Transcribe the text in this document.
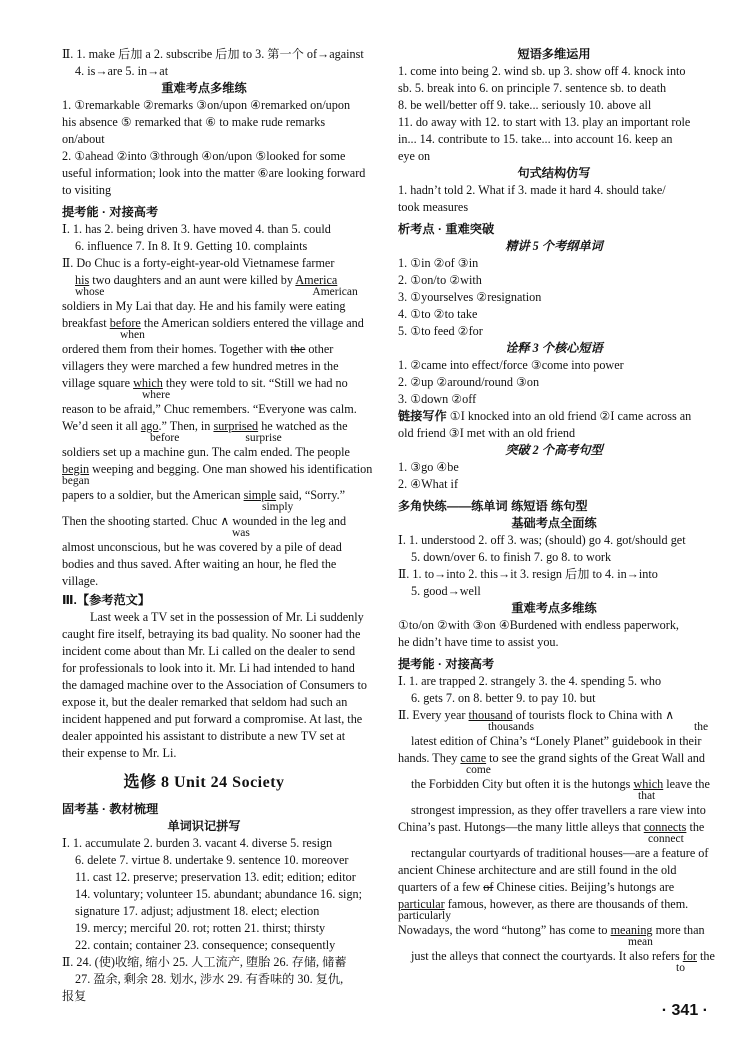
Ⅱ. 1. make 后加 a 2. subscribe 后加 to 3. 第一个 of→against
4. is→are 5. in→at
重难考点多维练
1. ①remarkable ②remarks ③on/upon ④remarked on/upon
his absence ⑤ remarked that ⑥ to make rude remarks
on/about
2. ①ahead ②into ③through ④on/upon ⑤looked for some
useful information; look into the matter ⑥are looking forward
to visiting
提考能 · 对接高考
Ⅰ. 1. has 2. being driven 3. have moved 4. than 5. could
6. influence 7. In 8. It 9. Getting 10. complaints
Ⅱ. Do Chuc is a forty-eight-year-old Vietnamese farmer
his two daughters and an aunt were killed by America
whose	American
soldiers in My Lai that day. He and his family were eating
breakfast before the American soldiers entered the village and
when
ordered them from their homes. Together with the other
villagers they were marched a few hundred metres in the
village square which they were told to sit. “Still we had no
where
reason to be afraid,” Chuc remembers. “Everyone was calm.
We’d seen it all ago.” Then, in surprised he watched as the
before	surprise
soldiers set up a machine gun. The calm ended. The people
begin weeping and begging. One man showed his identification
began
papers to a soldier, but the American simple said, “Sorry.”
simply
Then the shooting started. Chuc ∧ wounded in the leg and
was
almost unconscious, but he was covered by a pile of dead
bodies and thus saved. After waiting an hour, he fled the
village.
Ⅲ.【参考范文】
Last week a TV set in the possession of Mr. Li suddenly
caught fire itself, betraying its bad quality. No sooner had the
incident come about than Mr. Li called on the dealer to send
for professionals to look into it. Mr. Li had intended to hand
the damaged machine over to the Association of Consumers to
expose it, but the dealer remarked that seldom had such an
incident happened and put forward a compromise. At last, the
dealer appointed his assistant to distribute a new TV set at
their expense to Mr. Li.
选修 8 Unit 24 Society
固考基 · 教材梳理
单词识记拼写
Ⅰ. 1. accumulate 2. burden 3. vacant 4. diverse 5. resign
6. delete 7. virtue 8. undertake 9. sentence 10. moreover
11. cast 12. preserve; preservation 13. edit; edition; editor
14. voluntary; volunteer 15. abundant; abundance 16. sign;
signature 17. adjust; adjustment 18. elect; election
19. mercy; merciful 20. rot; rotten 21. thirst; thirsty
22. contain; container 23. consequence; consequently
Ⅱ. 24. (使)收缩, 缩小 25. 人工流产, 堕胎 26. 存储, 储蓄
27. 盈余, 剩余 28. 划水, 涉水 29. 有香味的 30. 复仇,
报复
短语多维运用
1. come into being 2. wind sb. up 3. show off 4. knock into
sb. 5. break into 6. on principle 7. sentence sb. to death
8. be well/better off 9. take... seriously 10. above all
11. do away with 12. to start with 13. play an important role
in... 14. contribute to 15. take... into account 16. keep an
eye on
句式结构仿写
1. hadn’t told 2. What if 3. made it hard 4. should take/
took measures
析考点 · 重难突破
精讲 5 个考纲单词
1. ①in ②of ③in
2. ①on/to ②with
3. ①yourselves ②resignation
4. ①to ②to take
5. ①to feed ②for
诠释 3 个核心短语
1. ②came into effect/force ③come into power
2. ②up ②around/round ③on
3. ①down ②off
链接写作 ①I knocked into an old friend ②I came across an
old friend ③I met with an old friend
突破 2 个高考句型
1. ③go ④be
2. ④What if
多角快练——练单词 练短语 练句型
基础考点全面练
Ⅰ. 1. understood 2. off 3. was; (should) go 4. got/should get
5. down/over 6. to finish 7. go 8. to work
Ⅱ. 1. to→into 2. this→it 3. resign 后加 to 4. in→into
5. good→well
重难考点多维练
①to/on ②with ③on ④Burdened with endless paperwork,
he didn’t have time to assist you.
提考能 · 对接高考
Ⅰ. 1. are trapped 2. strangely 3. the 4. spending 5. who
6. gets 7. on 8. better 9. to pay 10. but
Ⅱ. Every year thousand of tourists flock to China with ∧
thousands	the
latest edition of China’s “Lonely Planet” guidebook in their
hands. They came to see the grand sights of the Great Wall and
come
the Forbidden City but often it is the hutongs which leave the
that
strongest impression, as they offer travellers a rare view into
China’s past. Hutongs—the many little alleys that connects the
connect
rectangular courtyards of traditional houses—are a feature of
ancient Chinese architecture and are still found in the old
quarters of a few of Chinese cities. Beijing’s hutongs are
particular famous, however, as there are thousands of them.
particularly
Nowadays, the word “hutong” has come to meaning more than
mean
just the alleys that connect the courtyards. It also refers for the
to
· 341 ·
